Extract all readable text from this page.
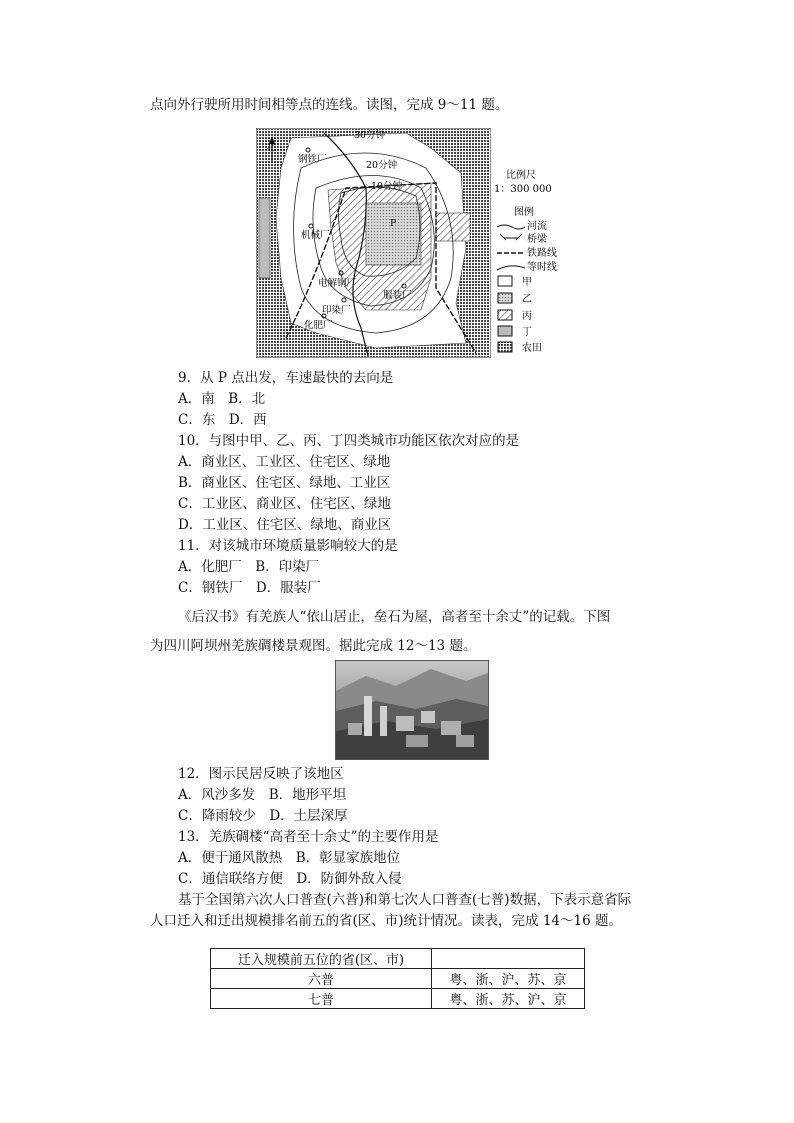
点向外行驶所用时间相等点的连线。读图，完成 9～11 题。
北
30分钟
20分钟
10分钟
P
钢铁厂
机械厂
电解铜厂
服装厂
印染厂
化肥厂
比例尺
1：300 000
图例
河流
桥梁
铁路线
等时线
甲
乙
丙
丁
农田
9．从 P 点出发，车速最快的去向是
A．南　B．北
C．东　D．西
10．与图中甲、乙、丙、丁四类城市功能区依次对应的是
A．商业区、工业区、住宅区、绿地
B．商业区、住宅区、绿地、工业区
C．工业区、商业区、住宅区、绿地
D．工业区、住宅区、绿地、商业区
11．对该城市环境质量影响较大的是
A．化肥厂　B．印染厂
C．钢铁厂　D．服装厂
《后汉书》有羌族人“依山居止，垒石为屋，高者至十余丈”的记载。下图
为四川阿坝州羌族碉楼景观图。据此完成 12～13 题。
12．图示民居反映了该地区
A．风沙多发　B．地形平坦
C．降雨较少　D．土层深厚
13．羌族碉楼“高者至十余丈”的主要作用是
A．便于通风散热　B．彰显家族地位
C．通信联络方便　D．防御外敌入侵
基于全国第六次人口普查(六普)和第七次人口普查(七普)数据，下表示意省际
人口迁入和迁出规模排名前五的省(区、市)统计情况。读表，完成 14～16 题。
迁入规模前五位的省(区、市)	
六普	粤、浙、沪、苏、京
七普	粤、浙、苏、沪、京
